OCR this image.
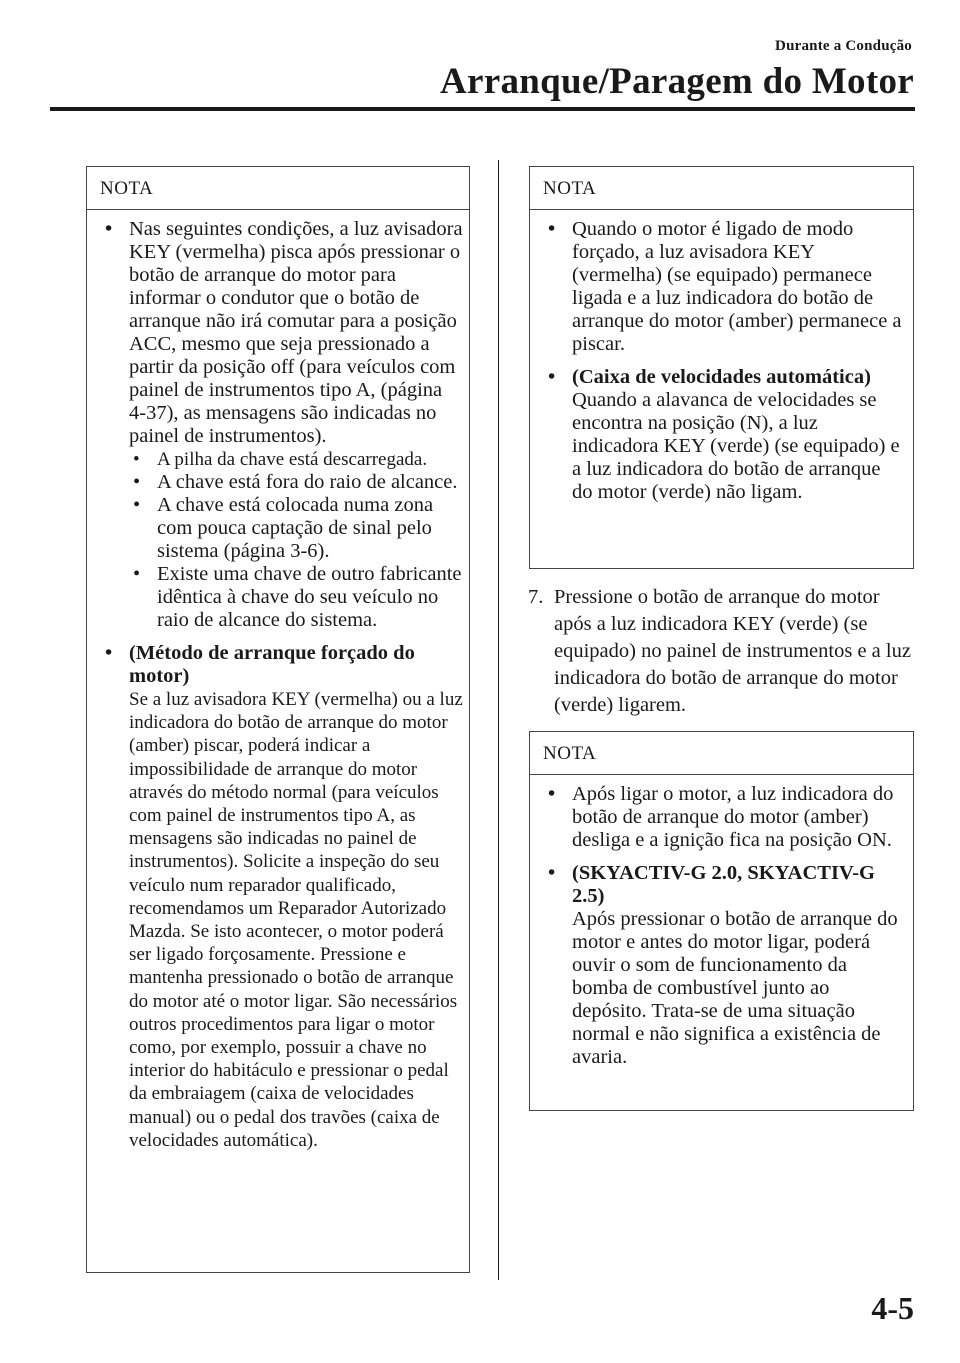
Durante a Condução
Arranque/Paragem do Motor
NOTA
• Nas seguintes condições, a luz avisadora KEY (vermelha) pisca após pressionar o botão de arranque do motor para informar o condutor que o botão de arranque não irá comutar para a posição ACC, mesmo que seja pressionado a partir da posição off (para veículos com painel de instrumentos tipo A, (página 4-37), as mensagens são indicadas no painel de instrumentos).

• A pilha da chave está descarregada.
• A chave está fora do raio de alcance.
• A chave está colocada numa zona com pouca captação de sinal pelo sistema (página 3-6).
• Existe uma chave de outro fabricante idêntica à chave do seu veículo no raio de alcance do sistema.
• (Método de arranque forçado do motor)

Se a luz avisadora KEY (vermelha) ou a luz indicadora do botão de arranque do motor (amber) piscar, poderá indicar a impossibilidade de arranque do motor através do método normal (para veículos com painel de instrumentos tipo A, as mensagens são indicadas no painel de instrumentos). Solicite a inspeção do seu veículo num reparador qualificado, recomendamos um Reparador Autorizado Mazda. Se isto acontecer, o motor poderá ser ligado forçosamente. Pressione e mantenha pressionado o botão de arranque do motor até o motor ligar. São necessários outros procedimentos para ligar o motor como, por exemplo, possuir a chave no interior do habitáculo e pressionar o pedal da embraiagem (caixa de velocidades manual) ou o pedal dos travões (caixa de velocidades automática).

NOTA
• Quando o motor é ligado de modo forçado, a luz avisadora KEY (vermelha) (se equipado) permanece ligada e a luz indicadora do botão de arranque do motor (amber) permanece a piscar.

• (Caixa de velocidades automática)

Quando a alavanca de velocidades se encontra na posição (N), a luz indicadora KEY (verde) (se equipado) e a luz indicadora do botão de arranque do motor (verde) não ligam.

7. Pressione o botão de arranque do motor após a luz indicadora KEY (verde) (se equipado) no painel de instrumentos e a luz indicadora do botão de arranque do motor (verde) ligarem.
NOTA
• Após ligar o motor, a luz indicadora do botão de arranque do motor (amber) desliga e a ignição fica na posição ON.

• (SKYACTIV-G 2.0, SKYACTIV-G 2.5)

Após pressionar o botão de arranque do motor e antes do motor ligar, poderá ouvir o som de funcionamento da bomba de combustível junto ao depósito. Trata-se de uma situação normal e não significa a existência de avaria.

4-5
